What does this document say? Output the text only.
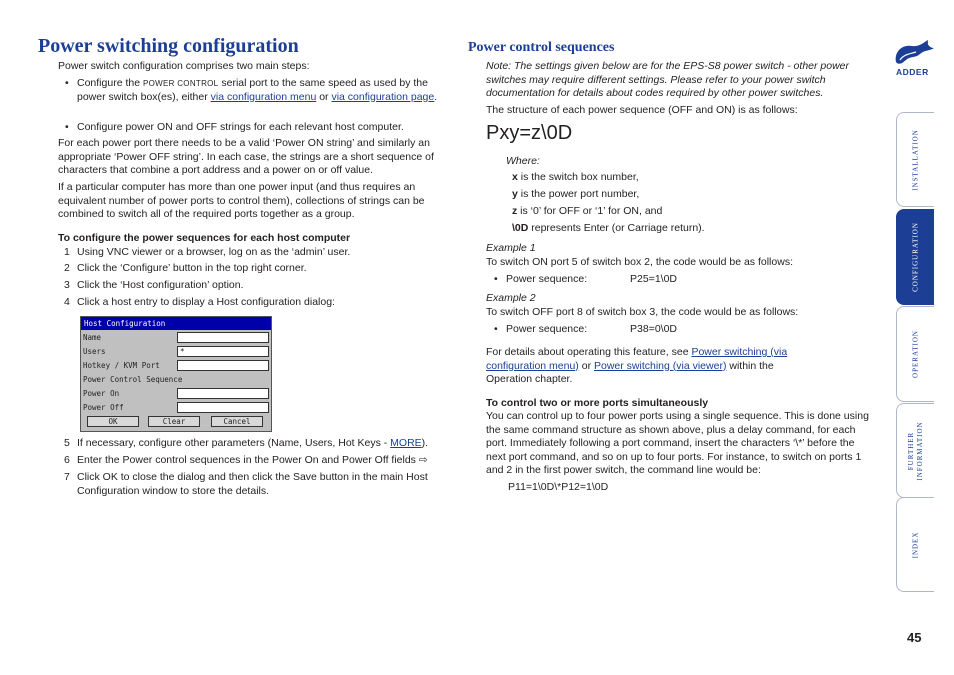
Power switching configuration
Power switch configuration comprises two main steps:
• Configure the POWER CONTROL serial port to the same speed as used by the power switch box(es), either via configuration menu or via configuration page.
• Configure power ON and OFF strings for each relevant host computer.
For each power port there needs to be a valid ‘Power ON string’ and similarly an appropriate ‘Power OFF string’. In each case, the strings are a short sequence of characters that combine a port address and a power on or off value.
If a particular computer has more than one power input (and thus requires an equivalent number of power ports to control them), collections of strings can be combined to switch all of the required ports together as a group.
To configure the power sequences for each host computer
1 Using VNC viewer or a browser, log on as the ‘admin’ user.
2 Click the ‘Configure’ button in the top right corner.
3 Click the ‘Host configuration’ option.
4 Click a host entry to display a Host configuration dialog:
Host Configuration
Name
Users	*
Hotkey / KVM Port
Power Control Sequence
Power On
Power Off
OK	Clear	Cancel
5 If necessary, configure other parameters (Name, Users, Hot Keys - MORE).
6 Enter the Power control sequences in the Power On and Power Off fields ⇨
7 Click OK to close the dialog and then click the Save button in the main Host Configuration window to store the details.
Power control sequences
Note: The settings given below are for the EPS-S8 power switch - other power switches may require different settings. Please refer to your power switch documentation for details about codes required by other power switches.
The structure of each power sequence (OFF and ON) is as follows:
Pxy=z\0D
Where:
x is the switch box number,
y is the power port number,
z is ‘0’ for OFF or ‘1’ for ON, and
\0D represents Enter (or Carriage return).
Example 1
To switch ON port 5 of switch box 2, the code would be as follows:
• Power sequence:	P25=1\0D
Example 2
To switch OFF port 8 of switch box 3, the code would be as follows:
• Power sequence:	P38=0\0D
For details about operating this feature, see Power switching (via configuration menu) or Power switching (via viewer) within the Operation chapter.
To control two or more ports simultaneously
You can control up to four power ports using a single sequence. This is done using the same command structure as shown above, plus a delay command, for each port. Immediately following a port command, insert the characters ‘\*’ before the next port command, and so on up to four ports. For instance, to switch on ports 1 and 2 in the first power switch, the command line would be:
P11=1\0D\*P12=1\0D
ADDER
INSTALLATION
CONFIGURATION
OPERATION
FURTHER INFORMATION
INDEX
45
